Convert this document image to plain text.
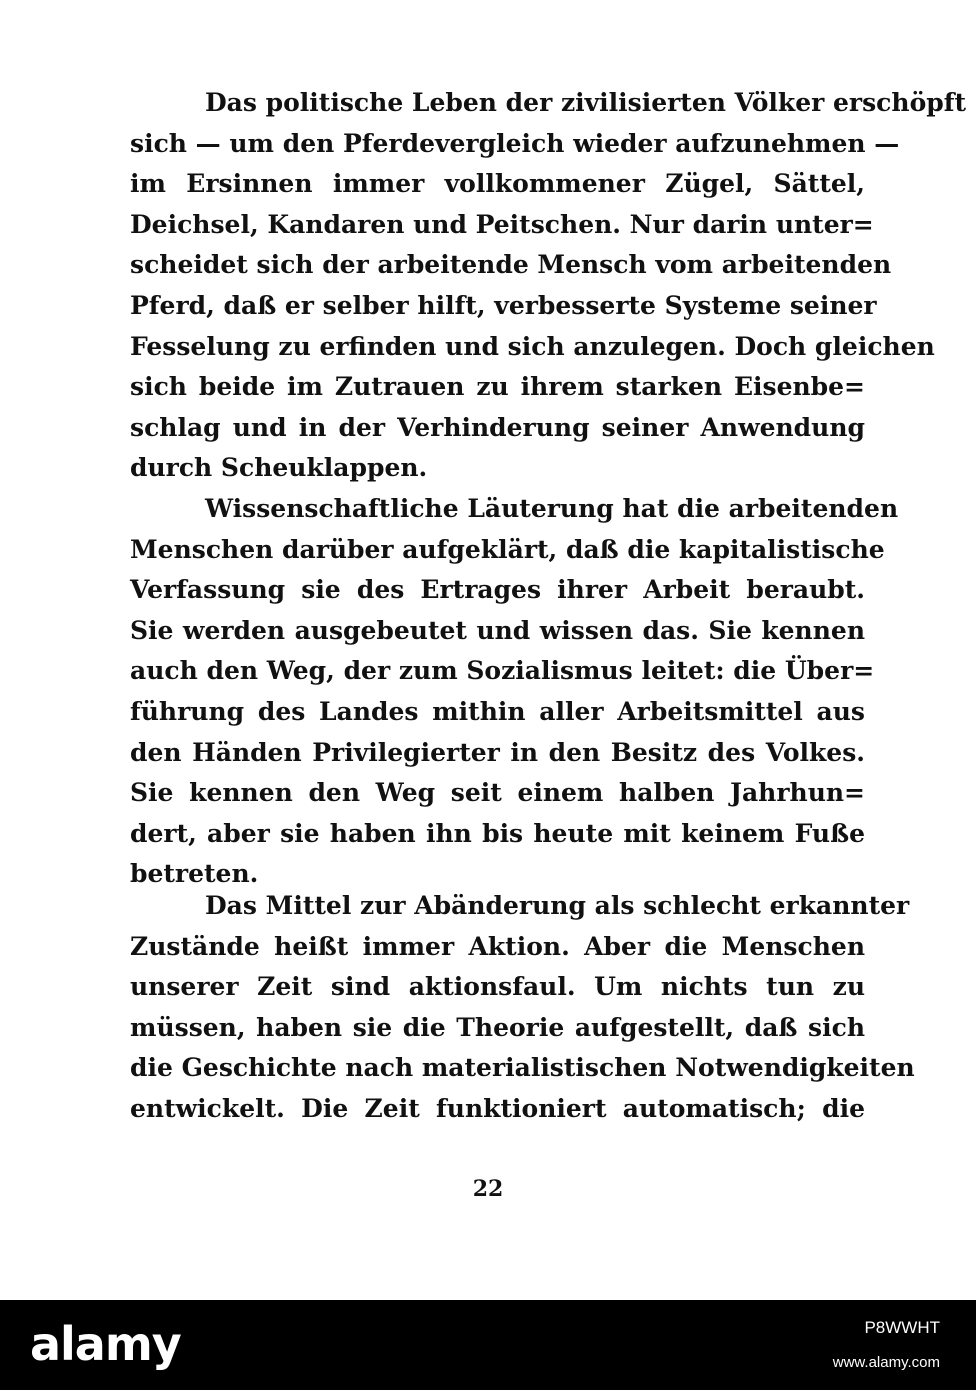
Das politische Leben der zivilisierten Völker erschöpft
sich — um den Pferdevergleich wieder aufzunehmen —
im Ersinnen immer vollkommener Zügel, Sättel,
Deichsel, Kandaren und Peitschen. Nur darin unter=
scheidet sich der arbeitende Mensch vom arbeitenden
Pferd, daß er selber hilft, verbesserte Systeme seiner
Fesselung zu erfinden und sich anzulegen. Doch gleichen
sich beide im Zutrauen zu ihrem starken Eisenbe=
schlag und in der Verhinderung seiner Anwendung
durch Scheuklappen.
Wissenschaftliche Läuterung hat die arbeitenden
Menschen darüber aufgeklärt, daß die kapitalistische
Verfassung sie des Ertrages ihrer Arbeit beraubt.
Sie werden ausgebeutet und wissen das. Sie kennen
auch den Weg, der zum Sozialismus leitet: die Über=
führung des Landes mithin aller Arbeitsmittel aus
den Händen Privilegierter in den Besitz des Volkes.
Sie kennen den Weg seit einem halben Jahrhun=
dert, aber sie haben ihn bis heute mit keinem Fuße
betreten.
Das Mittel zur Abänderung als schlecht erkannter
Zustände heißt immer Aktion. Aber die Menschen
unserer Zeit sind aktionsfaul. Um nichts tun zu
müssen, haben sie die Theorie aufgestellt, daß sich
die Geschichte nach materialistischen Notwendigkeiten
entwickelt. Die Zeit funktioniert automatisch; die
22
alamy	P8WWHT
www.alamy.com
